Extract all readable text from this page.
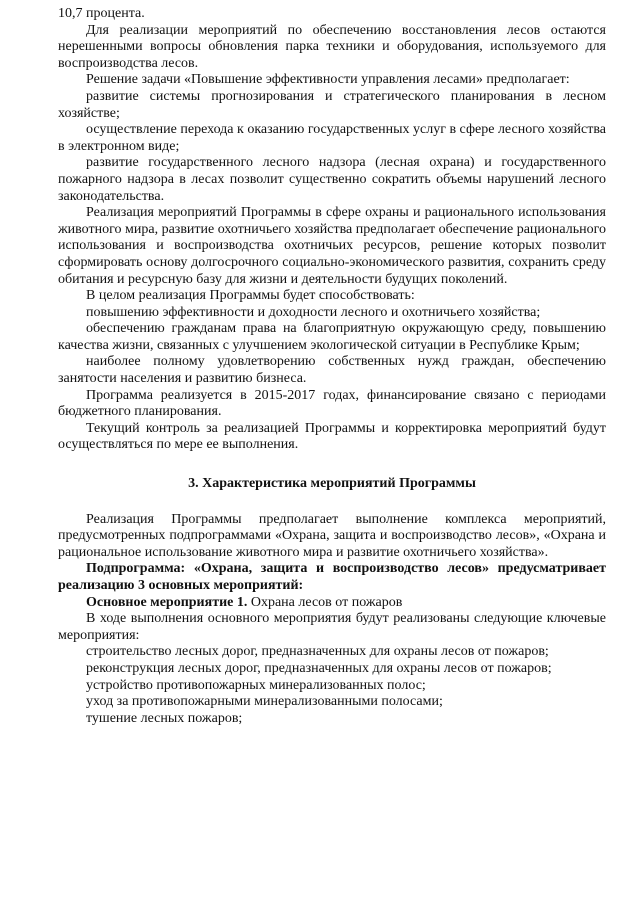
10,7 процента.

Для реализации мероприятий по обеспечению восстановления лесов остаются нерешенными вопросы обновления парка техники и оборудования, используемого для воспроизводства лесов.

Решение задачи «Повышение эффективности управления лесами» предполагает:

развитие системы прогнозирования и стратегического планирования в лесном хозяйстве;

осуществление перехода к оказанию государственных услуг в сфере лесного хозяйства в электронном виде;

развитие государственного лесного надзора (лесная охрана) и государственного пожарного надзора в лесах позволит существенно сократить объемы нарушений лесного законодательства.

Реализация мероприятий Программы в сфере охраны и рационального использования животного мира, развитие охотничьего хозяйства предполагает обеспечение рационального использования и воспроизводства охотничьих ресурсов, решение которых позволит сформировать основу долгосрочного социально-экономического развития, сохранить среду обитания и ресурсную базу для жизни и деятельности будущих поколений.

В целом реализация Программы будет способствовать:

повышению эффективности и доходности лесного и охотничьего хозяйства;

обеспечению гражданам права на благоприятную окружающую среду, повышению качества жизни, связанных с улучшением экологической ситуации в Республике Крым;

наиболее полному удовлетворению собственных нужд граждан, обеспечению занятости населения и развитию бизнеса.

Программа реализуется в 2015-2017 годах, финансирование связано с периодами бюджетного планирования.

Текущий контроль за реализацией Программы и корректировка мероприятий будут осуществляться по мере ее выполнения.

3. Характеристика мероприятий Программы

Реализация Программы предполагает выполнение комплекса мероприятий, предусмотренных подпрограммами «Охрана, защита и воспроизводство лесов», «Охрана и рациональное использование животного мира и развитие охотничьего хозяйства».

Подпрограмма: «Охрана, защита и воспроизводство лесов» предусматривает реализацию 3 основных мероприятий:

Основное мероприятие 1. Охрана лесов от пожаров

В ходе выполнения основного мероприятия будут реализованы следующие ключевые мероприятия:

строительство лесных дорог, предназначенных для охраны лесов от пожаров;

реконструкция лесных дорог, предназначенных для охраны лесов от пожаров;

устройство противопожарных минерализованных полос;

уход за противопожарными минерализованными полосами;

тушение лесных пожаров;
